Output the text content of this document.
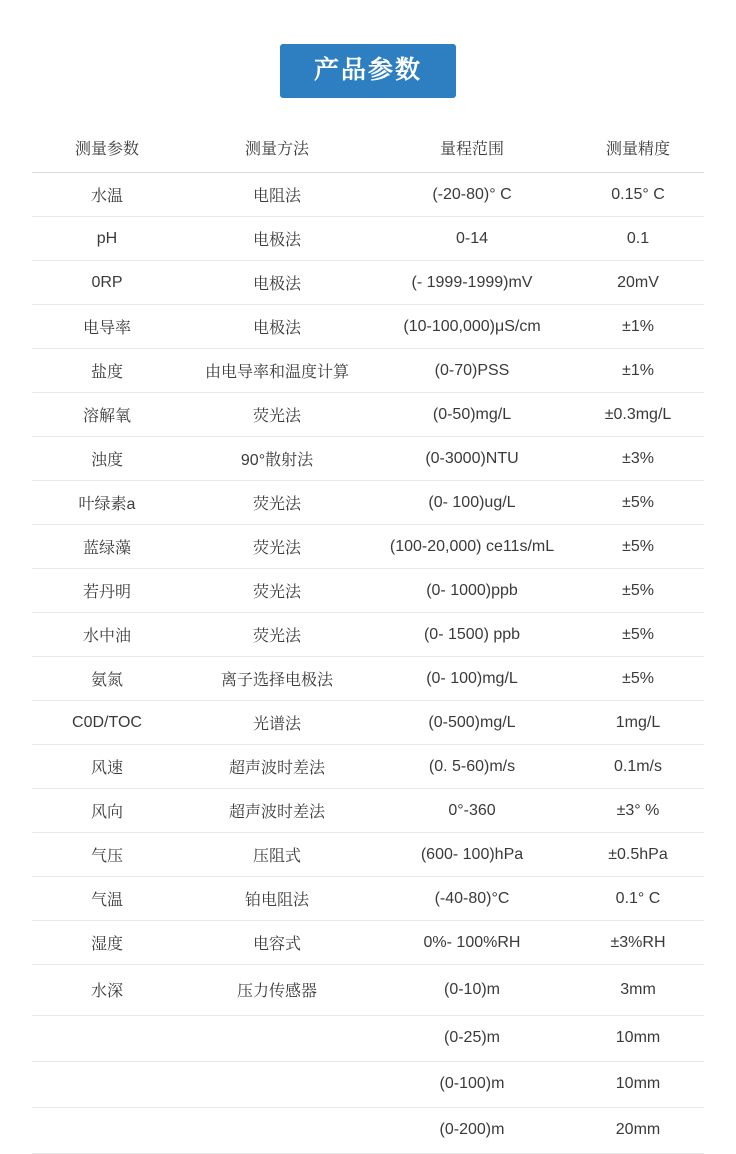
产品参数
测量参数	测量方法	量程范围	测量精度
水温	电阻法	(-20-80)° C	0.15° C
pH	电极法	0-14	0.1
0RP	电极法	(- 1999-1999)mV	20mV
电导率	电极法	(10-100,000)μS/cm	±1%
盐度	由电导率和温度计算	(0-70)PSS	±1%
溶解氧	荧光法	(0-50)mg/L	±0.3mg/L
浊度	90°散射法	(0-3000)NTU	±3%
叶绿素a	荧光法	(0- 100)ug/L	±5%
蓝绿藻	荧光法	(100-20,000) ce11s/mL	±5%
若丹明	荧光法	(0- 1000)ppb	±5%
水中油	荧光法	(0- 1500) ppb	±5%
氨氮	离子选择电极法	(0- 100)mg/L	±5%
C0D/TOC	光谱法	(0-500)mg/L	1mg/L
风速	超声波时差法	(0. 5-60)m/s	0.1m/s
风向	超声波时差法	0°-360	±3° %
气压	压阻式	(600- 100)hPa	±0.5hPa
气温	铂电阻法	(-40-80)°C	0.1° C
湿度	电容式	0%- 100%RH	±3%RH
水深	压力传感器	(0-10)m	3mm
		(0-25)m	10mm
		(0-100)m	10mm
		(0-200)m	20mm
